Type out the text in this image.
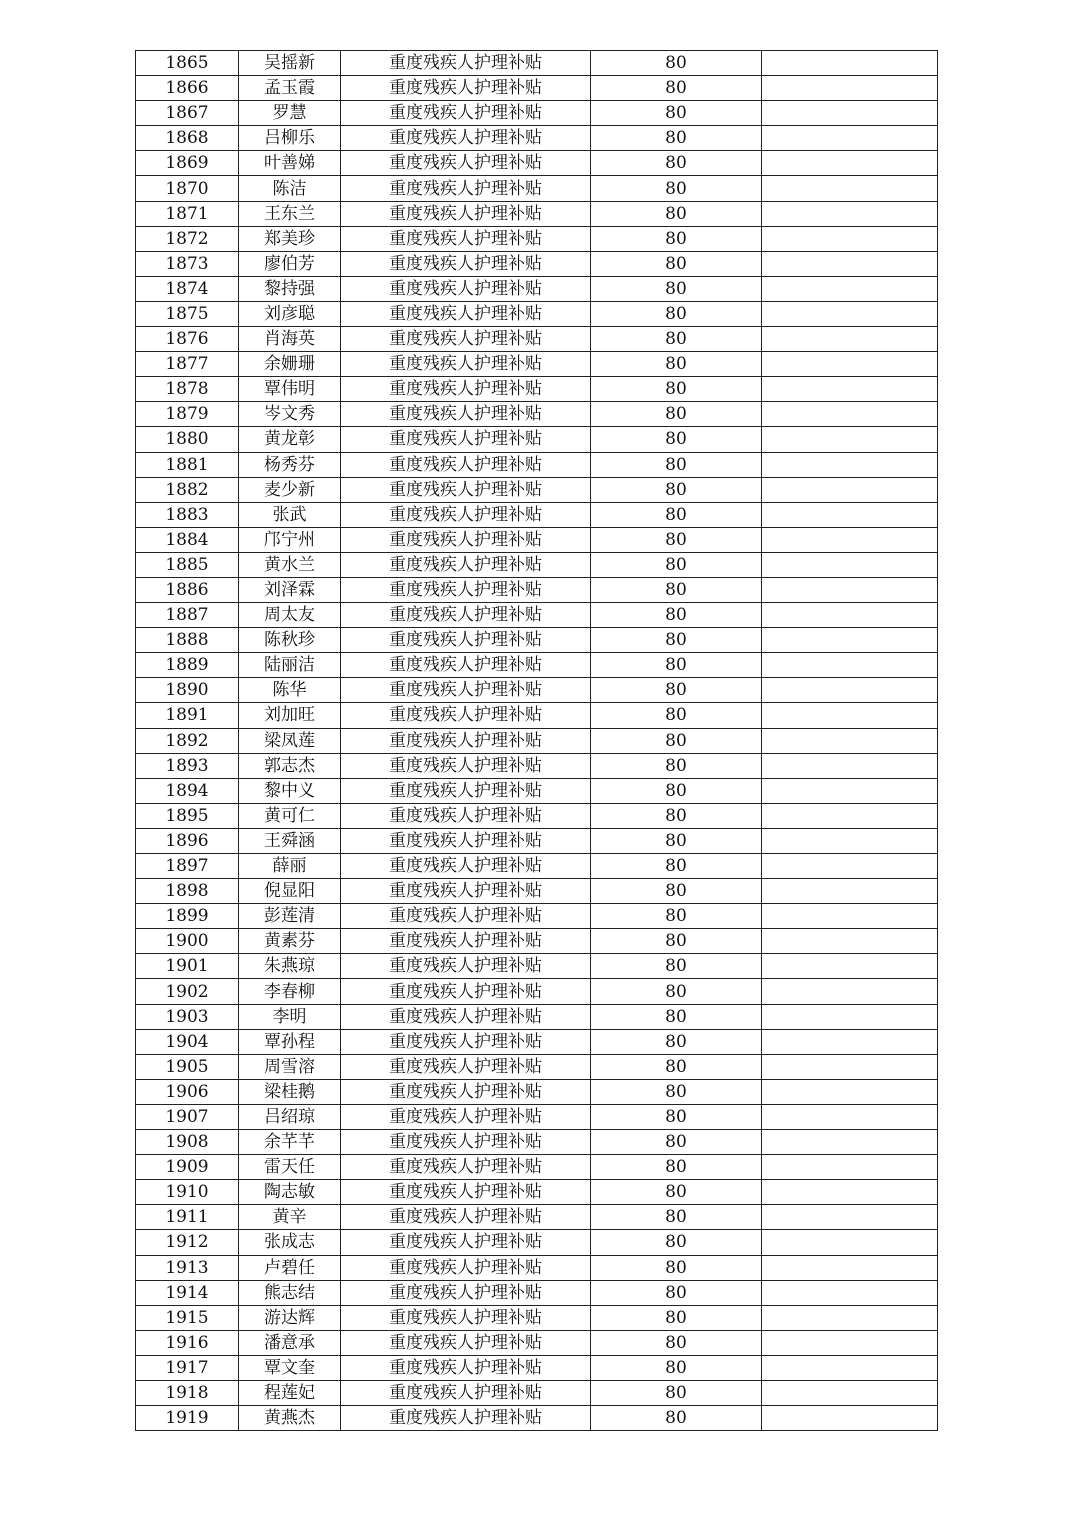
1865	吴摇新	重度残疾人护理补贴	80	
1866	孟玉霞	重度残疾人护理补贴	80	
1867	罗慧	重度残疾人护理补贴	80	
1868	吕柳乐	重度残疾人护理补贴	80	
1869	叶善娣	重度残疾人护理补贴	80	
1870	陈洁	重度残疾人护理补贴	80	
1871	王东兰	重度残疾人护理补贴	80	
1872	郑美珍	重度残疾人护理补贴	80	
1873	廖伯芳	重度残疾人护理补贴	80	
1874	黎持强	重度残疾人护理补贴	80	
1875	刘彦聪	重度残疾人护理补贴	80	
1876	肖海英	重度残疾人护理补贴	80	
1877	余姗珊	重度残疾人护理补贴	80	
1878	覃伟明	重度残疾人护理补贴	80	
1879	岑文秀	重度残疾人护理补贴	80	
1880	黄龙彰	重度残疾人护理补贴	80	
1881	杨秀芬	重度残疾人护理补贴	80	
1882	麦少新	重度残疾人护理补贴	80	
1883	张武	重度残疾人护理补贴	80	
1884	邝宁州	重度残疾人护理补贴	80	
1885	黄水兰	重度残疾人护理补贴	80	
1886	刘泽霖	重度残疾人护理补贴	80	
1887	周太友	重度残疾人护理补贴	80	
1888	陈秋珍	重度残疾人护理补贴	80	
1889	陆丽洁	重度残疾人护理补贴	80	
1890	陈华	重度残疾人护理补贴	80	
1891	刘加旺	重度残疾人护理补贴	80	
1892	梁凤莲	重度残疾人护理补贴	80	
1893	郭志杰	重度残疾人护理补贴	80	
1894	黎中义	重度残疾人护理补贴	80	
1895	黄可仁	重度残疾人护理补贴	80	
1896	王舜涵	重度残疾人护理补贴	80	
1897	薛丽	重度残疾人护理补贴	80	
1898	倪显阳	重度残疾人护理补贴	80	
1899	彭莲清	重度残疾人护理补贴	80	
1900	黄素芬	重度残疾人护理补贴	80	
1901	朱燕琼	重度残疾人护理补贴	80	
1902	李春柳	重度残疾人护理补贴	80	
1903	李明	重度残疾人护理补贴	80	
1904	覃孙程	重度残疾人护理补贴	80	
1905	周雪溶	重度残疾人护理补贴	80	
1906	梁桂鹅	重度残疾人护理补贴	80	
1907	吕绍琼	重度残疾人护理补贴	80	
1908	余芊芊	重度残疾人护理补贴	80	
1909	雷天任	重度残疾人护理补贴	80	
1910	陶志敏	重度残疾人护理补贴	80	
1911	黄辛	重度残疾人护理补贴	80	
1912	张成志	重度残疾人护理补贴	80	
1913	卢碧任	重度残疾人护理补贴	80	
1914	熊志结	重度残疾人护理补贴	80	
1915	游达辉	重度残疾人护理补贴	80	
1916	潘意承	重度残疾人护理补贴	80	
1917	覃文奎	重度残疾人护理补贴	80	
1918	程莲妃	重度残疾人护理补贴	80	
1919	黄燕杰	重度残疾人护理补贴	80	
